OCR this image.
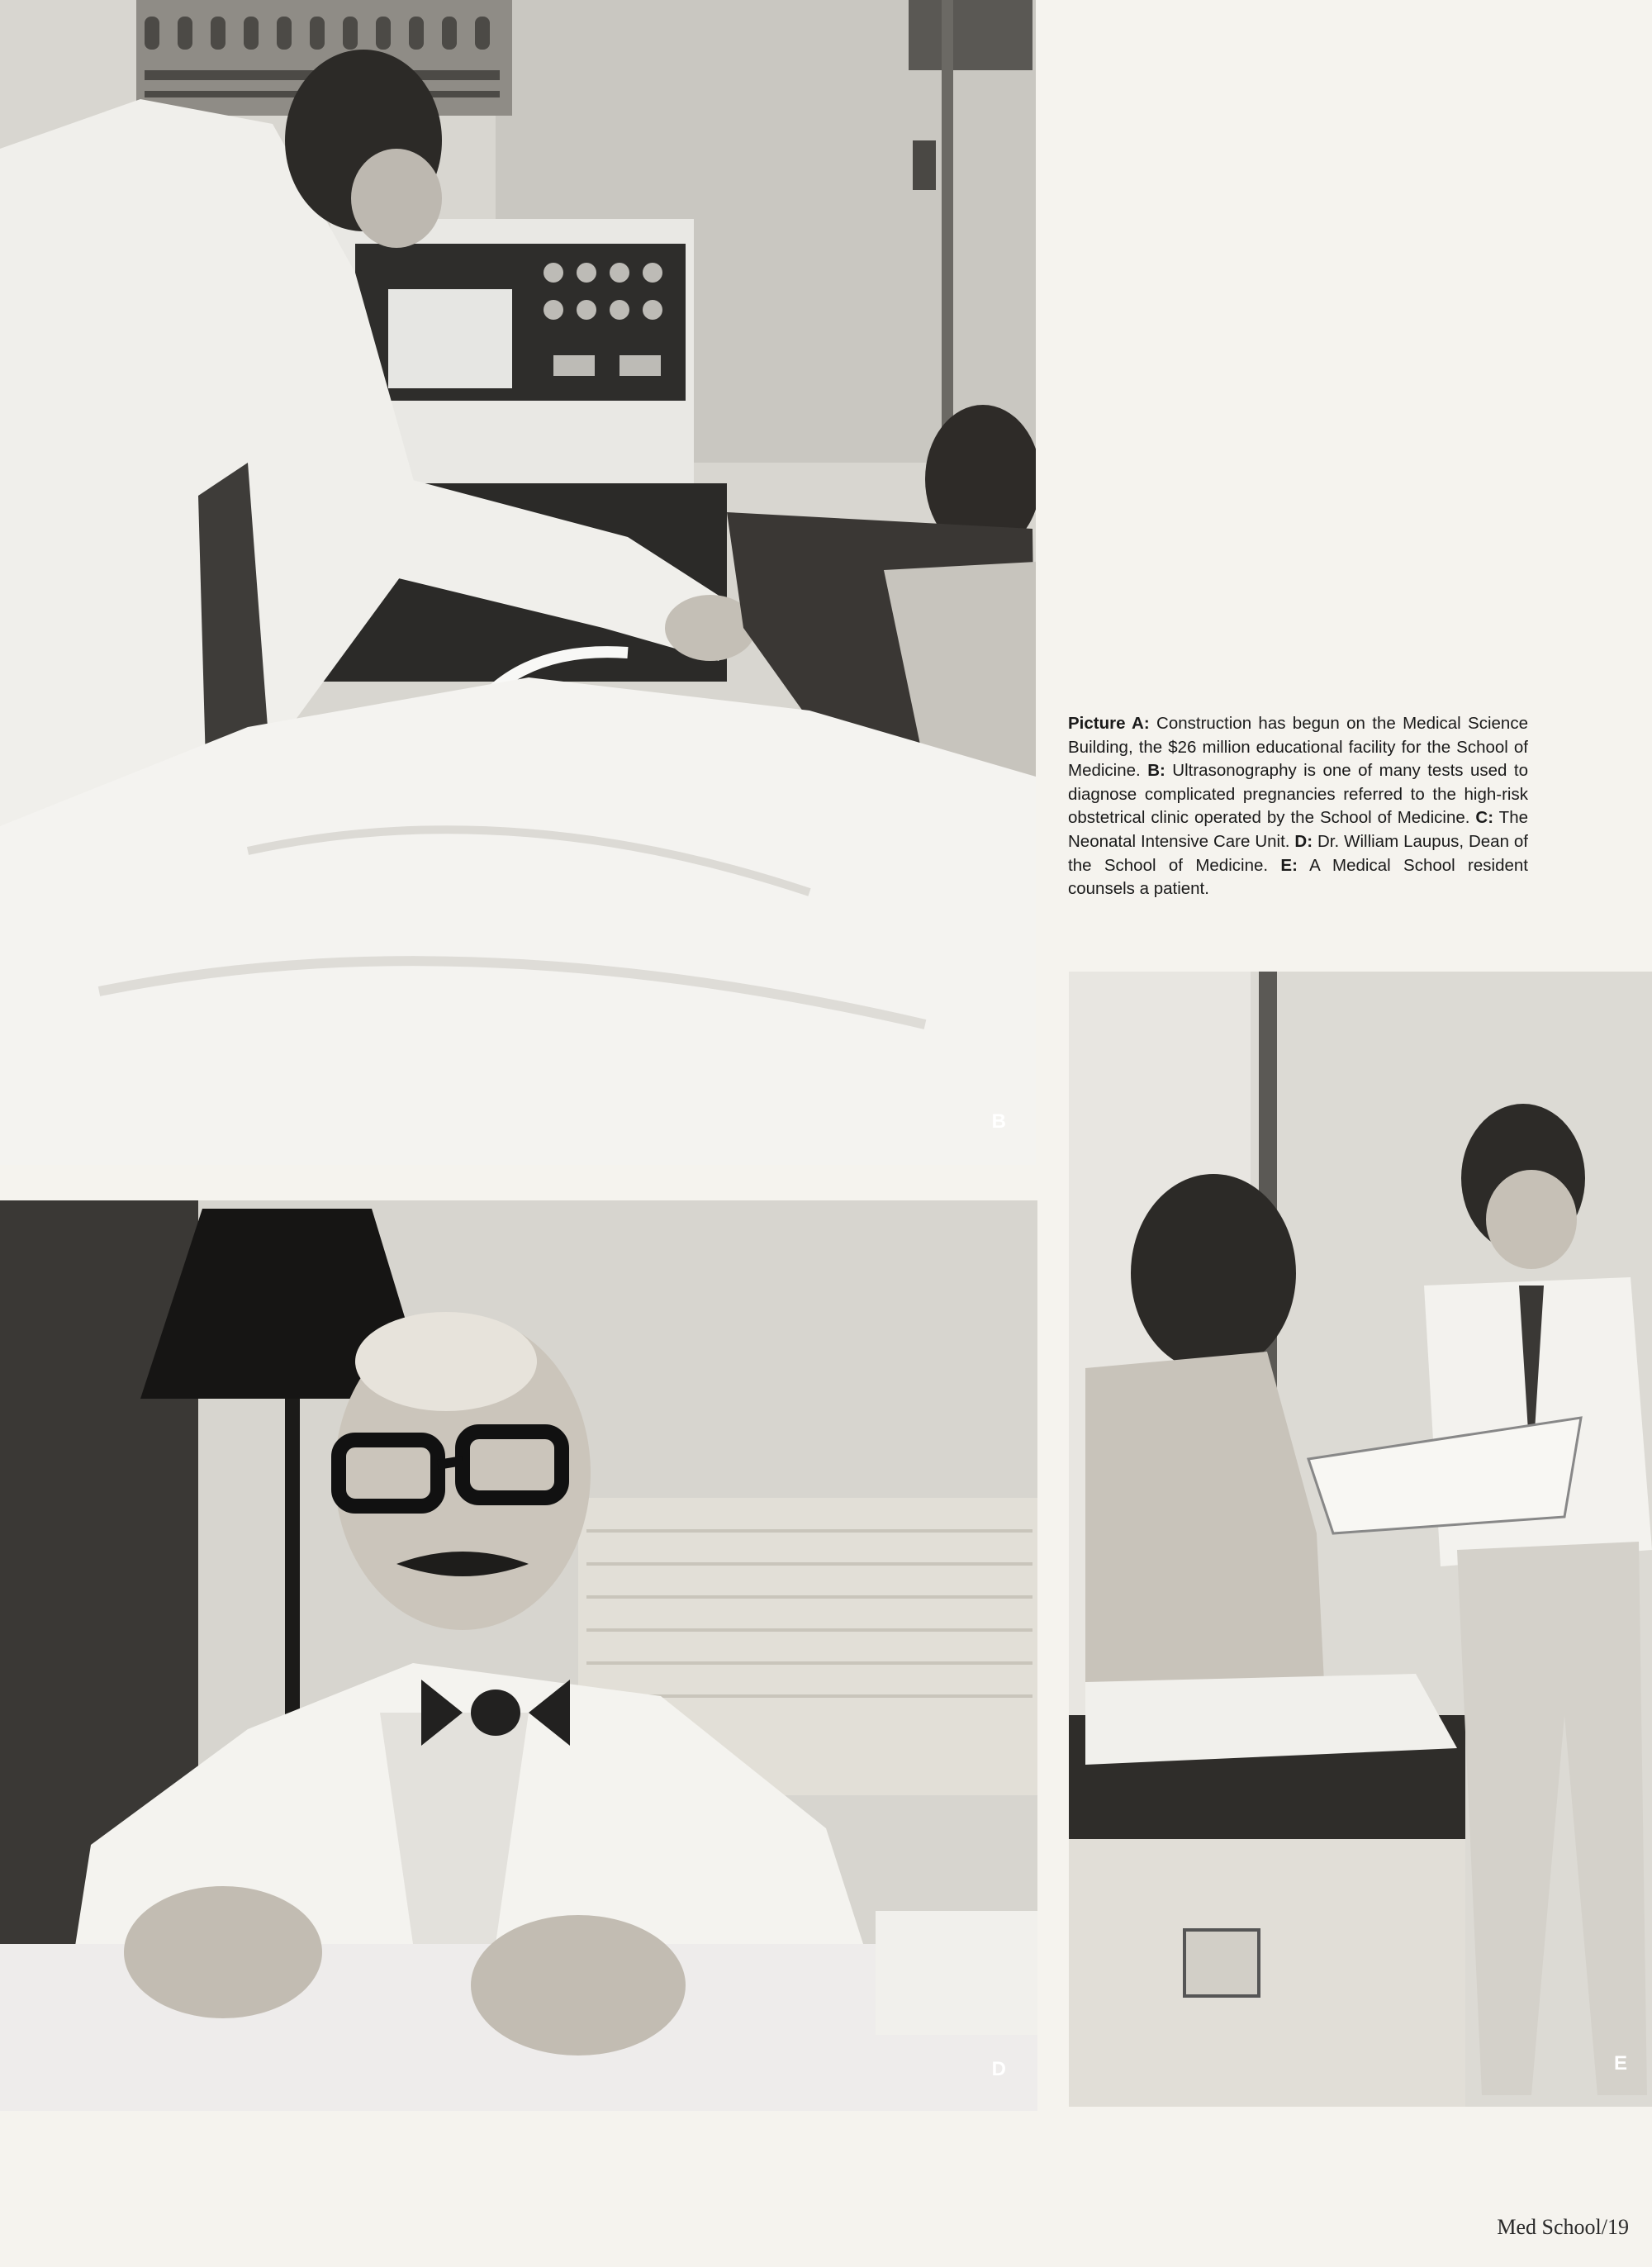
B
Picture A: Construction has begun on the Medical Science Building, the $26 million educational facility for the School of Medicine. B: Ultrasonography is one of many tests used to diagnose complicated pregnancies referred to the high-risk obstetrical clinic operated by the School of Medicine. C: The Neonatal Intensive Care Unit. D: Dr. William Laupus, Dean of the School of Medicine. E: A Medical School resident counsels a patient.
D	E
Med School/19
